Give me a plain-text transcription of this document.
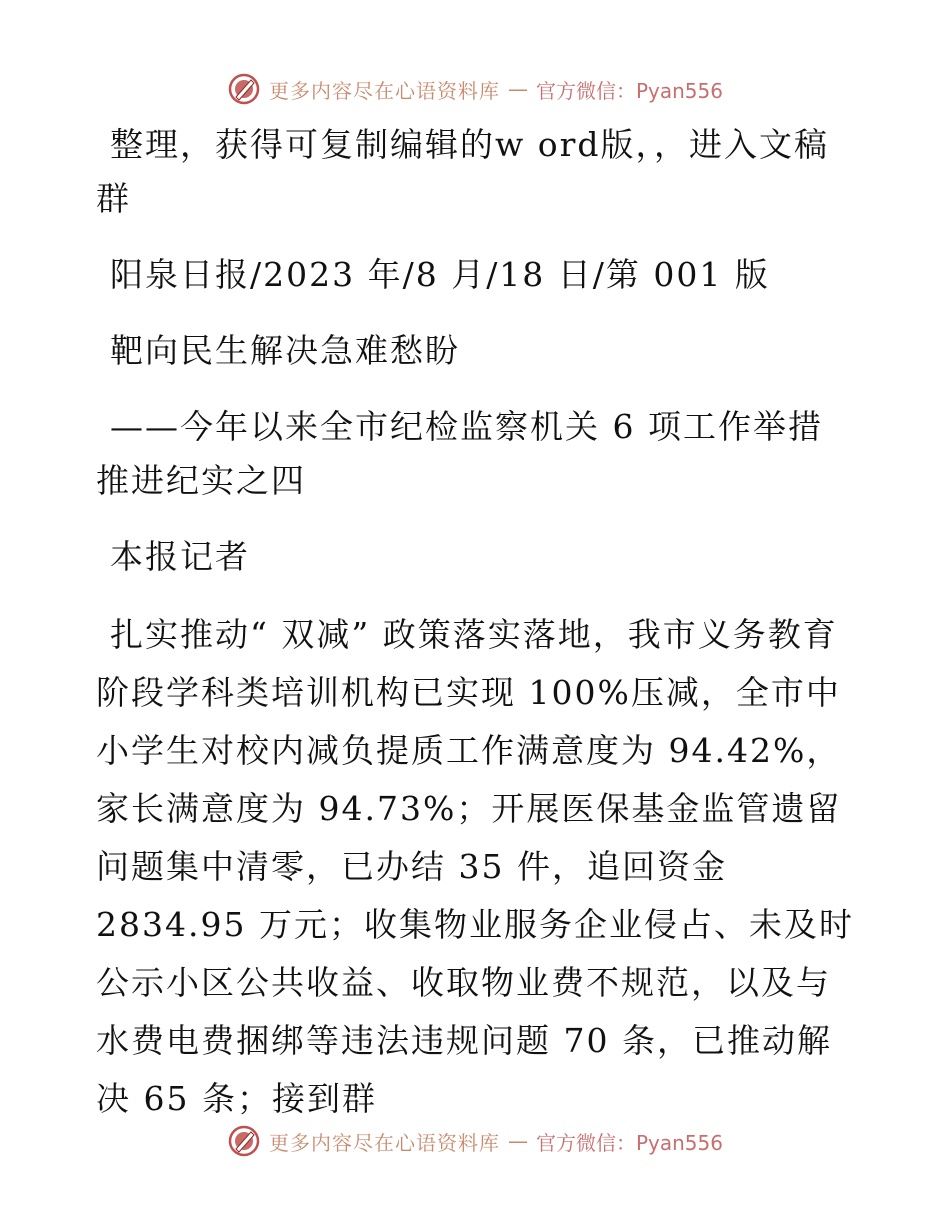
更多内容尽在心语资料库 — 官方微信：Pyan556

整理，获得可复制编辑的w ord版，，进入文稿群

阳泉日报/2023 年/8 月/18 日/第 001 版

靶向民生解决急难愁盼

——今年以来全市纪检监察机关 6 项工作举措推进纪实之四

本报记者

扎实推动“ 双减” 政策落实落地，我市义务教育阶段学科类培训机构已实现 100%压减，全市中小学生对校内减负提质工作满意度为 94.42%，家长满意度为 94.73%；开展医保基金监管遗留问题集中清零，已办结 35 件，追回资金 2834.95 万元；收集物业服务企业侵占、未及时公示小区公共收益、收取物业费不规范，以及与水费电费捆绑等违法违规问题 70 条，已推动解决 65 条；接到群

更多内容尽在心语资料库 — 官方微信：Pyan556
